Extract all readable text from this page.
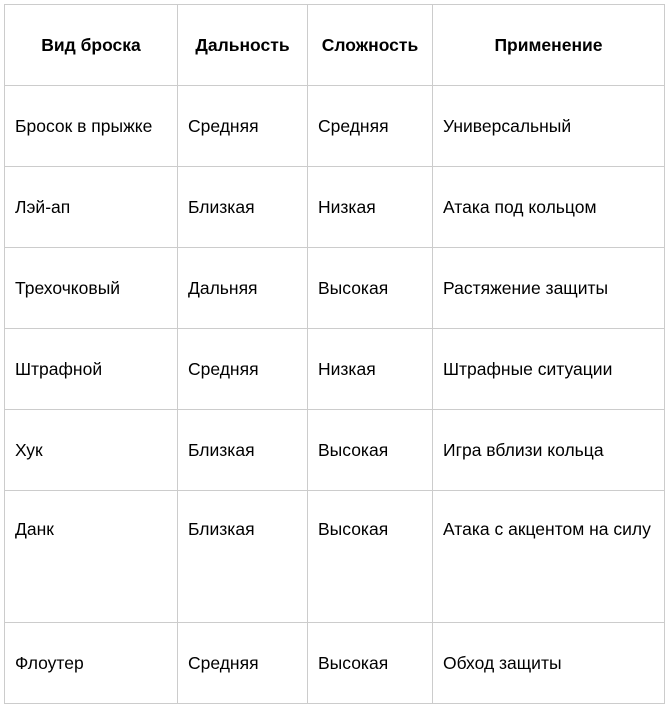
Вид броска	Дальность	Сложность	Применение
Бросок в прыжке	Средняя	Средняя	Универсальный
Лэй-ап	Близкая	Низкая	Атака под кольцом
Трехочковый	Дальняя	Высокая	Растяжение защиты
Штрафной	Средняя	Низкая	Штрафные ситуации
Хук	Близкая	Высокая	Игра вблизи кольца
Данк	Близкая	Высокая	Атака с акцентом на силу
Флоутер	Средняя	Высокая	Обход защиты
